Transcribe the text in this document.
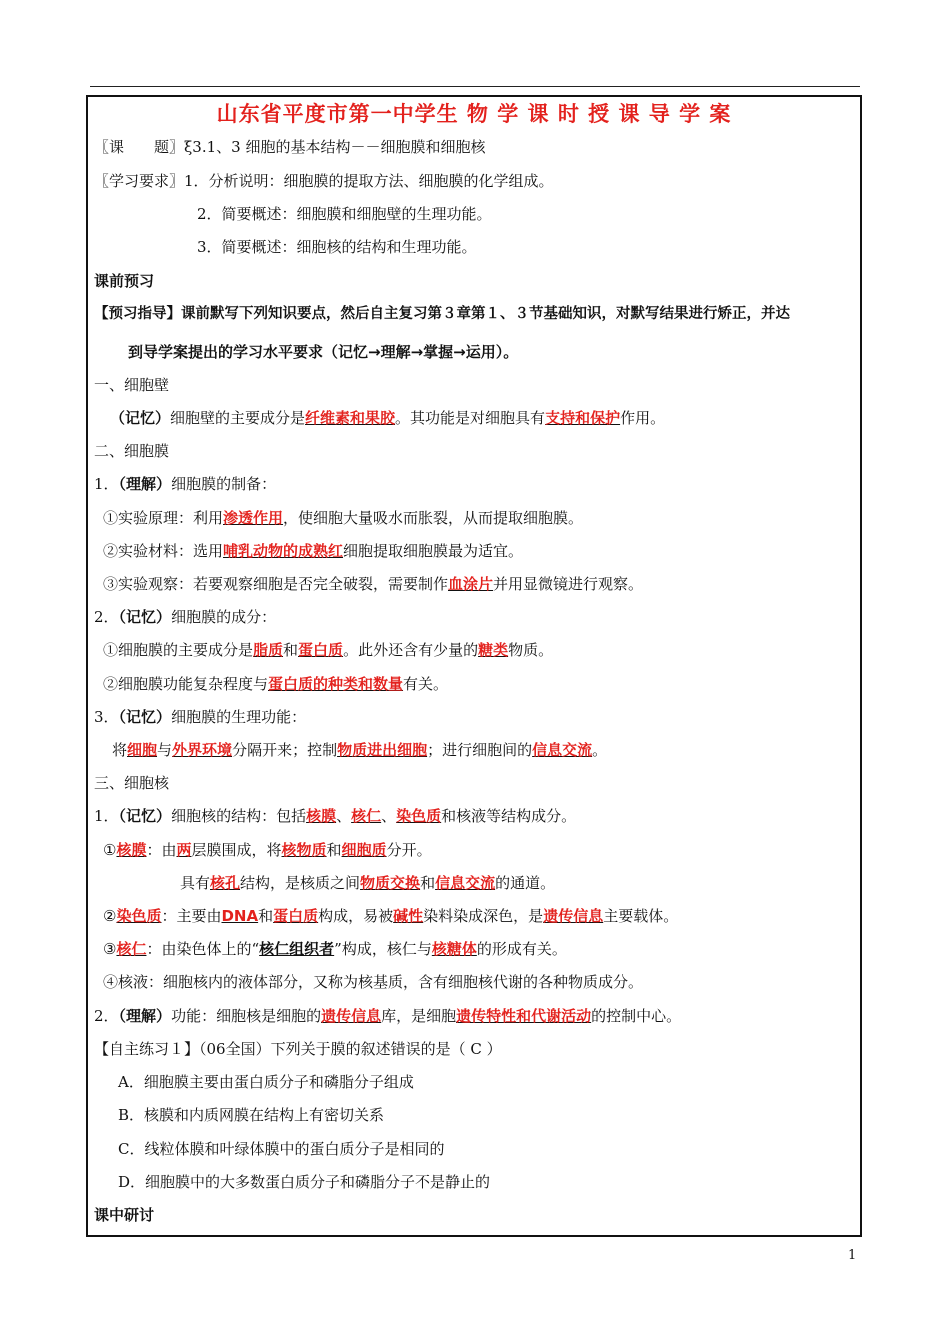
山东省平度市第一中学生 物 学 课 时 授 课 导 学 案
〖课　　题〗ξ3.1、3 细胞的基本结构－－细胞膜和细胞核
〖学习要求〗1．分析说明：细胞膜的提取方法、细胞膜的化学组成。
2．简要概述：细胞膜和细胞壁的生理功能。
3．简要概述：细胞核的结构和生理功能。
课前预习
【预习指导】课前默写下列知识要点，然后自主复习第３章第１、３节基础知识，对默写结果进行矫正，并达
到导学案提出的学习水平要求（记忆→理解→掌握→运用）。
一、细胞壁
（记忆）细胞壁的主要成分是纤维素和果胶。其功能是对细胞具有支持和保护作用。
二、细胞膜
1．（理解）细胞膜的制备：
①实验原理：利用渗透作用，使细胞大量吸水而胀裂，从而提取细胞膜。
②实验材料：选用哺乳动物的成熟红细胞提取细胞膜最为适宜。
③实验观察：若要观察细胞是否完全破裂，需要制作血涂片并用显微镜进行观察。
2．（记忆）细胞膜的成分：
①细胞膜的主要成分是脂质和蛋白质。此外还含有少量的糖类物质。
②细胞膜功能复杂程度与蛋白质的种类和数量有关。
3．（记忆）细胞膜的生理功能：
将细胞与外界环境分隔开来；控制物质进出细胞；进行细胞间的信息交流。
三、细胞核
1．（记忆）细胞核的结构：包括核膜、核仁、染色质和核液等结构成分。
①核膜：由两层膜围成，将核物质和细胞质分开。
具有核孔结构，是核质之间物质交换和信息交流的通道。
②染色质：主要由DNA和蛋白质构成，易被碱性染料染成深色，是遗传信息主要载体。
③核仁：由染色体上的“核仁组织者”构成，核仁与核糖体的形成有关。
④核液：细胞核内的液体部分，又称为核基质，含有细胞核代谢的各种物质成分。
2．（理解）功能：细胞核是细胞的遗传信息库，是细胞遗传特性和代谢活动的控制中心。
【自主练习１】（06全国）下列关于膜的叙述错误的是（ C ）
A．细胞膜主要由蛋白质分子和磷脂分子组成
B．核膜和内质网膜在结构上有密切关系
C．线粒体膜和叶绿体膜中的蛋白质分子是相同的
D．细胞膜中的大多数蛋白质分子和磷脂分子不是静止的
课中研讨
1
